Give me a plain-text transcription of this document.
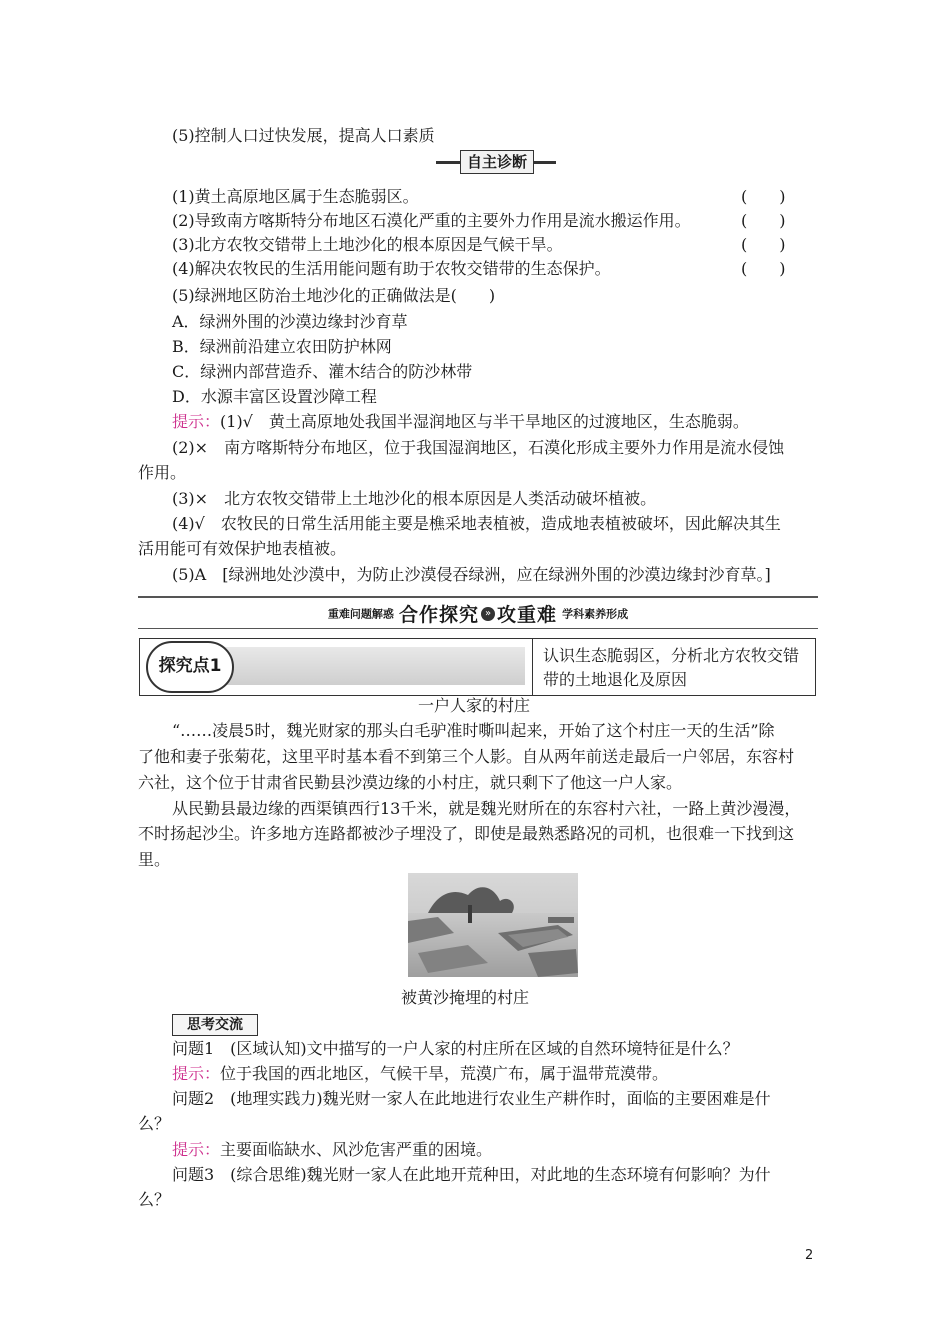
(5)控制人口过快发展，提高人口素质
自主诊断
(1)黄土高原地区属于生态脆弱区。	(　　)
(2)导致南方喀斯特分布地区石漠化严重的主要外力作用是流水搬运作用。	(　　)
(3)北方农牧交错带上土地沙化的根本原因是气候干旱。	(　　)
(4)解决农牧民的生活用能问题有助于农牧交错带的生态保护。	(　　)
(5)绿洲地区防治土地沙化的正确做法是(　　)
A．绿洲外围的沙漠边缘封沙育草
B．绿洲前沿建立农田防护林网
C．绿洲内部营造乔、灌木结合的防沙林带
D．水源丰富区设置沙障工程
提示：(1)√　黄土高原地处我国半湿润地区与半干旱地区的过渡地区，生态脆弱。
(2)×　南方喀斯特分布地区，位于我国湿润地区，石漠化形成主要外力作用是流水侵蚀
作用。
(3)×　北方农牧交错带上土地沙化的根本原因是人类活动破坏植被。
(4)√　农牧民的日常生活用能主要是樵采地表植被，造成地表植被破坏，因此解决其生
活用能可有效保护地表植被。
(5)A　[绿洲地处沙漠中，为防止沙漠侵吞绿洲，应在绿洲外围的沙漠边缘封沙育草。]
重难问题解惑 合作探究 » 攻重难 学科素养形成
探究点1
认识生态脆弱区，分析北方农牧交错
带的土地退化及原因
一户人家的村庄
“……凌晨5时，魏光财家的那头白毛驴准时嘶叫起来，开始了这个村庄一天的生活”除
了他和妻子张菊花，这里平时基本看不到第三个人影。自从两年前送走最后一户邻居，东容村
六社，这个位于甘肃省民勤县沙漠边缘的小村庄，就只剩下了他这一户人家。
从民勤县最边缘的西渠镇西行13千米，就是魏光财所在的东容村六社，一路上黄沙漫漫，
不时扬起沙尘。许多地方连路都被沙子埋没了，即使是最熟悉路况的司机，也很难一下找到这
里。
被黄沙掩埋的村庄
思考交流
问题1　(区域认知)文中描写的一户人家的村庄所在区域的自然环境特征是什么？
提示：位于我国的西北地区，气候干旱，荒漠广布，属于温带荒漠带。
问题2　(地理实践力)魏光财一家人在此地进行农业生产耕作时，面临的主要困难是什
么？
提示：主要面临缺水、风沙危害严重的困境。
问题3　(综合思维)魏光财一家人在此地开荒种田，对此地的生态环境有何影响？为什
么？
2
